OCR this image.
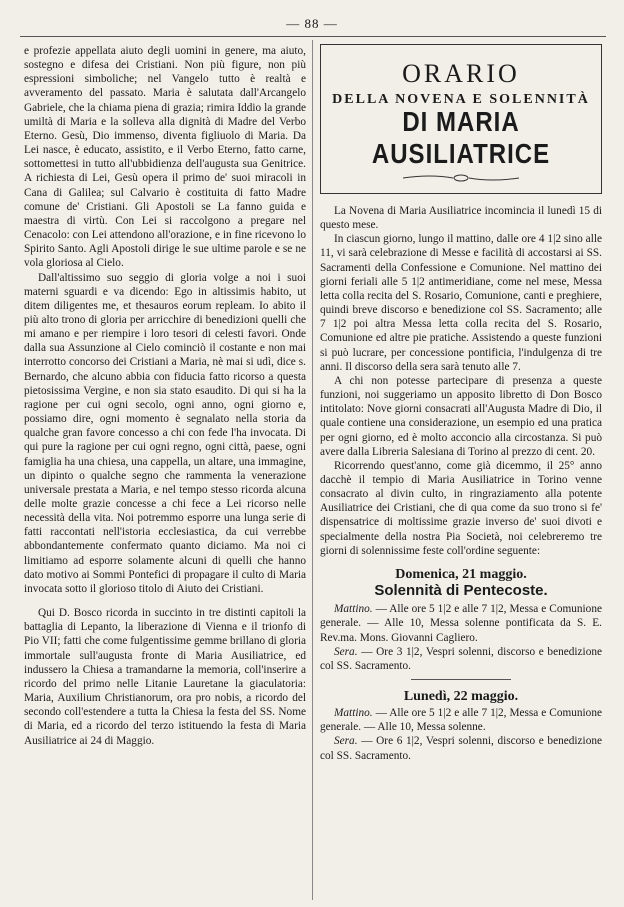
— 88 —

e profezie appellata aiuto degli uomini in genere, ma aiuto, sostegno e difesa dei Cristiani. Non più figure, non più espressioni simboliche; nel Vangelo tutto è realtà e avveramento del passato. Maria è salutata dall'Arcangelo Gabriele, che la chiama piena di grazia; rimira Iddio la grande umiltà di Maria e la solleva alla dignità di Madre del Verbo Eterno. Gesù, Dio immenso, diventa figliuolo di Maria. Da Lei nasce, è educato, assistito, e il Verbo Eterno, fatto carne, sottomettesi in tutto all'ubbidienza dell'augusta sua Genitrice. A richiesta di Lei, Gesù opera il primo de' suoi miracoli in Cana di Galilea; sul Calvario è costituita di fatto Madre comune de' Cristiani. Gli Apostoli se La fanno guida e maestra di virtù. Con Lei si raccolgono a pregare nel Cenacolo: con Lei attendono all'orazione, e in fine ricevono lo Spirito Santo. Agli Apostoli dirige le sue ultime parole e se ne vola gloriosa al Cielo.

Dall'altissimo suo seggio di gloria volge a noi i suoi materni sguardi e va dicendo: Ego in altissimis habito, ut ditem diligentes me, et thesauros eorum repleam. Io abito il più alto trono di gloria per arricchire di benedizioni quelli che mi amano e per riempire i loro tesori di celesti favori. Onde dalla sua Assunzione al Cielo cominciò il costante e non mai interrotto concorso dei Cristiani a Maria, nè mai si udì, dice s. Bernardo, che alcuno abbia con fiducia fatto ricorso a questa pietosissima Vergine, e non sia stato esaudito. Di qui si ha la ragione per cui ogni secolo, ogni anno, ogni giorno e, possiamo dire, ogni momento è segnalato nella storia da qualche gran favore concesso a chi con fede l'ha invocata. Di qui pure la ragione per cui ogni regno, ogni città, paese, ogni famiglia ha una chiesa, una cappella, un altare, una immagine, un dipinto o qualche segno che rammenta la venerazione universale prestata a Maria, e nel tempo stesso ricorda alcuna delle molte grazie concesse a chi fece a Lei ricorso nelle necessità della vita. Noi potremmo esporre una lunga serie di fatti raccontati nell'istoria ecclesiastica, da cui verrebbe abbondantemente confermato quanto diciamo. Ma noi ci limitiamo ad esporre solamente alcuni di quelli che hanno dato motivo ai Sommi Pontefici di propagare il culto di Maria invocata sotto il glorioso titolo di Aiuto dei Cristiani.

Qui D. Bosco ricorda in succinto in tre distinti capitoli la battaglia di Lepanto, la liberazione di Vienna e il trionfo di Pio VII; fatti che come fulgentissime gemme brillano di gloria immortale sull'augusta fronte di Maria Ausiliatrice, ed indussero la Chiesa a tramandarne la memoria, coll'inserire a ricordo del primo nelle Litanie Lauretane la giaculatoria: Maria, Auxilium Christianorum, ora pro nobis, a ricordo del secondo coll'estendere a tutta la Chiesa la festa del SS. Nome di Maria, ed a ricordo del terzo istituendo la festa di Maria Ausiliatrice ai 24 di Maggio.

ORARIO
DELLA NOVENA E SOLENNITÀ
DI MARIA AUSILIATRICE

La Novena di Maria Ausiliatrice incomincia il lunedì 15 di questo mese.

In ciascun giorno, lungo il mattino, dalle ore 4 1|2 sino alle 11, vi sarà celebrazione di Messe e facilità di accostarsi ai SS. Sacramenti della Confessione e Comunione. Nel mattino dei giorni feriali alle 5 1|2 antimeridiane, come nel mese, Messa letta colla recita del S. Rosario, Comunione, canti e preghiere, quindi breve discorso e benedizione col SS. Sacramento; alle 7 1|2 poi altra Messa letta colla recita del S. Rosario, Comunione ed altre pie pratiche. Assistendo a queste funzioni si può lucrare, per concessione pontificia, l'indulgenza di tre anni. Il discorso della sera sarà tenuto alle 7.

A chi non potesse partecipare di presenza a queste funzioni, noi suggeriamo un apposito libretto di Don Bosco intitolato: Nove giorni consacrati all'Augusta Madre di Dio, il quale contiene una considerazione, un esempio ed una pratica per ogni giorno, ed è molto acconcio alla circostanza. Si può avere dalla Libreria Salesiana di Torino al prezzo di cent. 20.

Ricorrendo quest'anno, come già dicemmo, il 25° anno dacchè il tempio di Maria Ausiliatrice in Torino venne consacrato al divin culto, in ringraziamento alla potente Ausiliatrice dei Cristiani, che di qua come da suo trono si fe' dispensatrice di moltissime grazie inverso de' suoi divoti e specialmente della nostra Pia Società, noi celebreremo tre giorni di solennissime feste coll'ordine seguente:

Domenica, 21 maggio.
Solennità di Pentecoste.

Mattino. — Alle ore 5 1|2 e alle 7 1|2, Messa e Comunione generale. — Alle 10, Messa solenne pontificata da S. E. Rev.ma. Mons. Giovanni Cagliero.

Sera. — Ore 3 1|2, Vespri solenni, discorso e benedizione col SS. Sacramento.

Lunedì, 22 maggio.

Mattino. — Alle ore 5 1|2 e alle 7 1|2, Messa e Comunione generale. — Alle 10, Messa solenne.

Sera. — Ore 6 1|2, Vespri solenni, discorso e benedizione col SS. Sacramento.
